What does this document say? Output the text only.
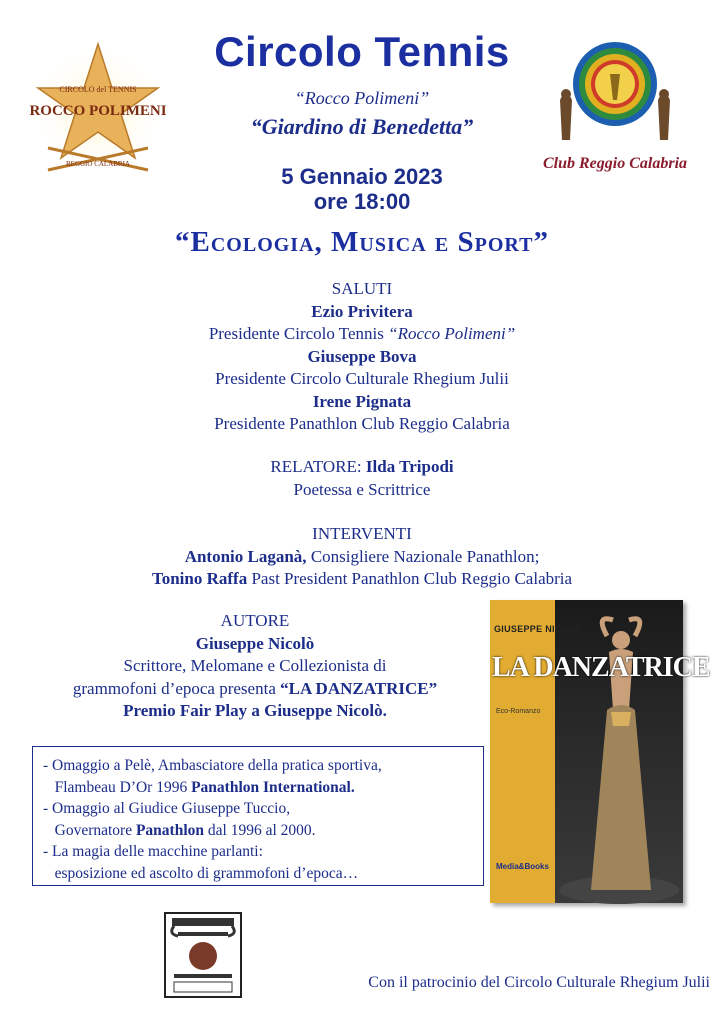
CIRCOLO del TENNIS
ROCCO POLIMENI
REGGIO CALABRIA	Club Reggio Calabria
Circolo Tennis
“Rocco Polimeni”
“Giardino di Benedetta”
5 Gennaio 2023
ore 18:00
“Ecologia, Musica e Sport”
SALUTI
Ezio Privitera
Presidente Circolo Tennis “Rocco Polimeni”
Giuseppe Bova
Presidente Circolo Culturale Rhegium Julii
Irene Pignata
Presidente Panathlon Club Reggio Calabria
RELATORE: Ilda Tripodi
Poetessa e Scrittrice
INTERVENTI
Antonio Laganà, Consigliere Nazionale Panathlon;
Tonino Raffa Past President Panathlon Club Reggio Calabria
AUTORE
Giuseppe Nicolò
Scrittore, Melomane e Collezionista di
grammofoni d’epoca presenta “LA DANZATRICE”
Premio Fair Play a Giuseppe Nicolò.
GIUSEPPE NICOLÒ
LA DANZATRICE
Eco-Romanzo
Media&Books
- Omaggio a Pelè, Ambasciatore della pratica sportiva,
Flambeau D’Or 1996 Panathlon International.
- Omaggio al Giudice Giuseppe Tuccio,
Governatore Panathlon dal 1996 al 2000.
- La magia delle macchine parlanti:
esposizione ed ascolto di grammofoni d’epoca…
Con il patrocinio del Circolo Culturale Rhegium Julii
